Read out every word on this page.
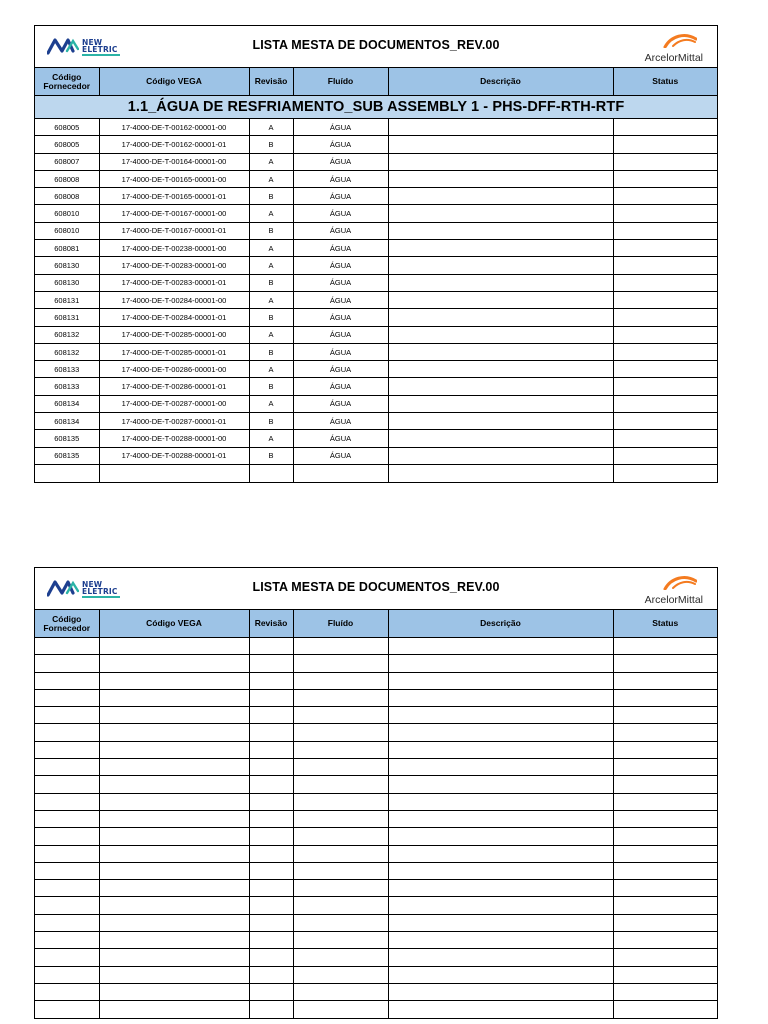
NEW
ELETRIC	LISTA MESTA DE DOCUMENTOS_REV.00
ArcelorMittal
Código
Fornecedor	Código VEGA	Revisão	Fluído	Descrição	Status
1.1_ÁGUA DE RESFRIAMENTO_SUB ASSEMBLY 1 - PHS-DFF-RTH-RTF					
608005	17-4000-DE-T-00162-00001-00	A	ÁGUA		
608005	17-4000-DE-T-00162-00001-01	B	ÁGUA		
608007	17-4000-DE-T-00164-00001-00	A	ÁGUA		
608008	17-4000-DE-T-00165-00001-00	A	ÁGUA		
608008	17-4000-DE-T-00165-00001-01	B	ÁGUA		
608010	17-4000-DE-T-00167-00001-00	A	ÁGUA		
608010	17-4000-DE-T-00167-00001-01	B	ÁGUA		
608081	17-4000-DE-T-00238-00001-00	A	ÁGUA		
608130	17-4000-DE-T-00283-00001-00	A	ÁGUA		
608130	17-4000-DE-T-00283-00001-01	B	ÁGUA		
608131	17-4000-DE-T-00284-00001-00	A	ÁGUA		
608131	17-4000-DE-T-00284-00001-01	B	ÁGUA		
608132	17-4000-DE-T-00285-00001-00	A	ÁGUA		
608132	17-4000-DE-T-00285-00001-01	B	ÁGUA		
608133	17-4000-DE-T-00286-00001-00	A	ÁGUA		
608133	17-4000-DE-T-00286-00001-01	B	ÁGUA		
608134	17-4000-DE-T-00287-00001-00	A	ÁGUA		
608134	17-4000-DE-T-00287-00001-01	B	ÁGUA		
608135	17-4000-DE-T-00288-00001-00	A	ÁGUA		
608135	17-4000-DE-T-00288-00001-01	B	ÁGUA		

NEW
ELETRIC	LISTA MESTA DE DOCUMENTOS_REV.00
ArcelorMittal
Código
Fornecedor	Código VEGA	Revisão	Fluído	Descrição	Status
